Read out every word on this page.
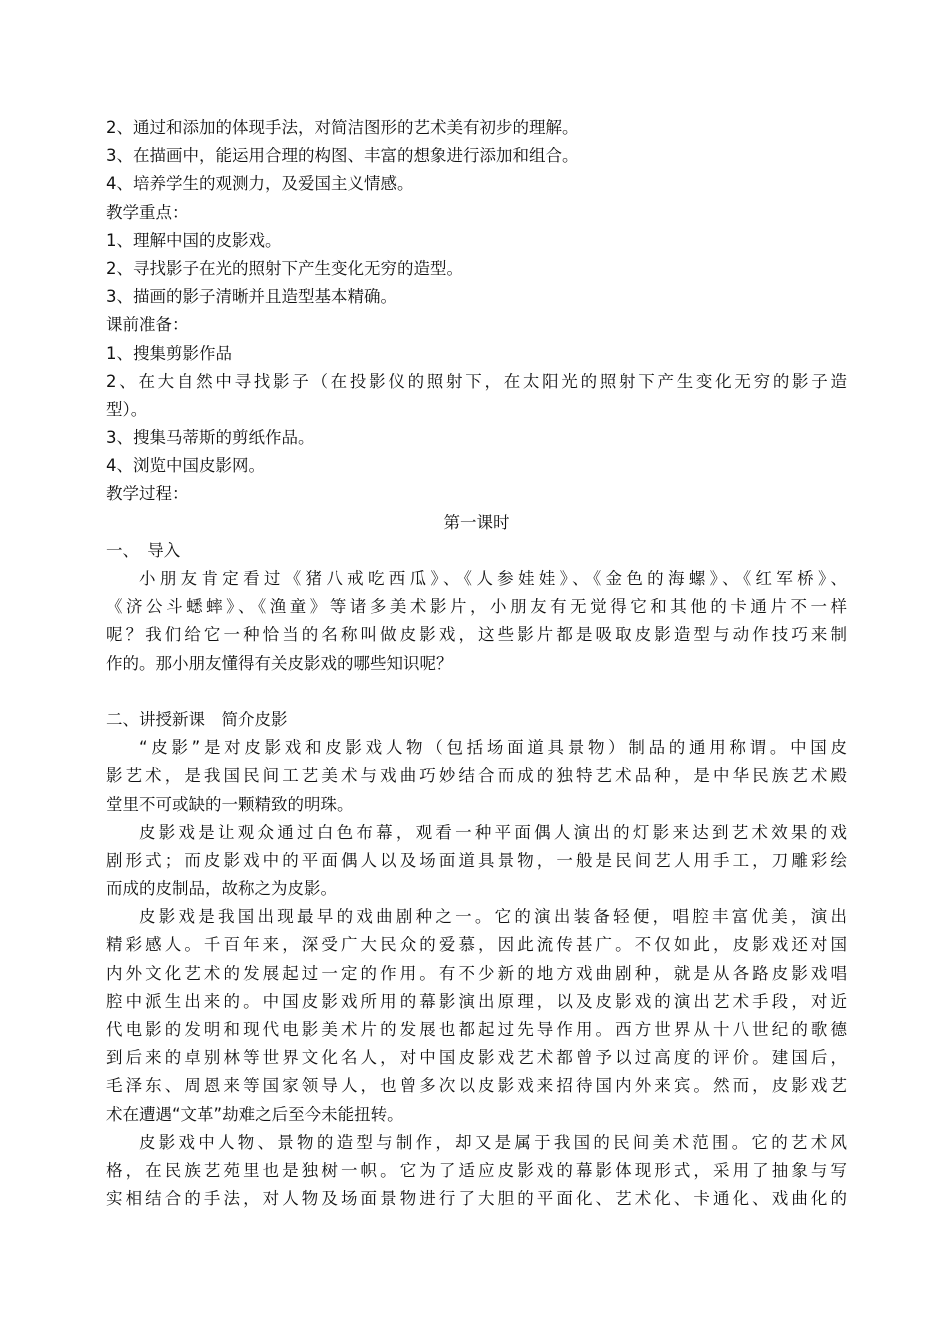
2、通过和添加的体现手法，对简洁图形的艺术美有初步的理解。
3、在描画中，能运用合理的构图、丰富的想象进行添加和组合。
4、培养学生的观测力，及爱国主义情感。
教学重点：
1、理解中国的皮影戏。
2、寻找影子在光的照射下产生变化无穷的造型。
3、描画的影子清晰并且造型基本精确。
课前准备：
1、搜集剪影作品
2、在大自然中寻找影子（在投影仪的照射下，在太阳光的照射下产生变化无穷的影子造
型）。
3、搜集马蒂斯的剪纸作品。
4、浏览中国皮影网。
教学过程：
第一课时
一、　导入
小朋友肯定看过《猪八戒吃西瓜》、《人参娃娃》、《金色的海螺》、《红军桥》、
《济公斗蟋蟀》、《渔童》等诸多美术影片，小朋友有无觉得它和其他的卡通片不一样
呢？我们给它一种恰当的名称叫做皮影戏，这些影片都是吸取皮影造型与动作技巧来制
作的。那小朋友懂得有关皮影戏的哪些知识呢？
二、讲授新课　简介皮影
“皮影”是对皮影戏和皮影戏人物（包括场面道具景物）制品的通用称谓。中国皮
影艺术，是我国民间工艺美术与戏曲巧妙结合而成的独特艺术品种，是中华民族艺术殿
堂里不可或缺的一颗精致的明珠。
皮影戏是让观众通过白色布幕，观看一种平面偶人演出的灯影来达到艺术效果的戏
剧形式；而皮影戏中的平面偶人以及场面道具景物，一般是民间艺人用手工，刀雕彩绘
而成的皮制品，故称之为皮影。
皮影戏是我国出现最早的戏曲剧种之一。它的演出装备轻便，唱腔丰富优美，演出
精彩感人。千百年来，深受广大民众的爱慕，因此流传甚广。不仅如此，皮影戏还对国
内外文化艺术的发展起过一定的作用。有不少新的地方戏曲剧种，就是从各路皮影戏唱
腔中派生出来的。中国皮影戏所用的幕影演出原理，以及皮影戏的演出艺术手段，对近
代电影的发明和现代电影美术片的发展也都起过先导作用。西方世界从十八世纪的歌德
到后来的卓别林等世界文化名人，对中国皮影戏艺术都曾予以过高度的评价。建国后，
毛泽东、周恩来等国家领导人，也曾多次以皮影戏来招待国内外来宾。然而，皮影戏艺
术在遭遇“文革”劫难之后至今未能扭转。
皮影戏中人物、景物的造型与制作，却又是属于我国的民间美术范围。它的艺术风
格，在民族艺苑里也是独树一帜。它为了适应皮影戏的幕影体现形式，采用了抽象与写
实相结合的手法，对人物及场面景物进行了大胆的平面化、艺术化、卡通化、戏曲化的
